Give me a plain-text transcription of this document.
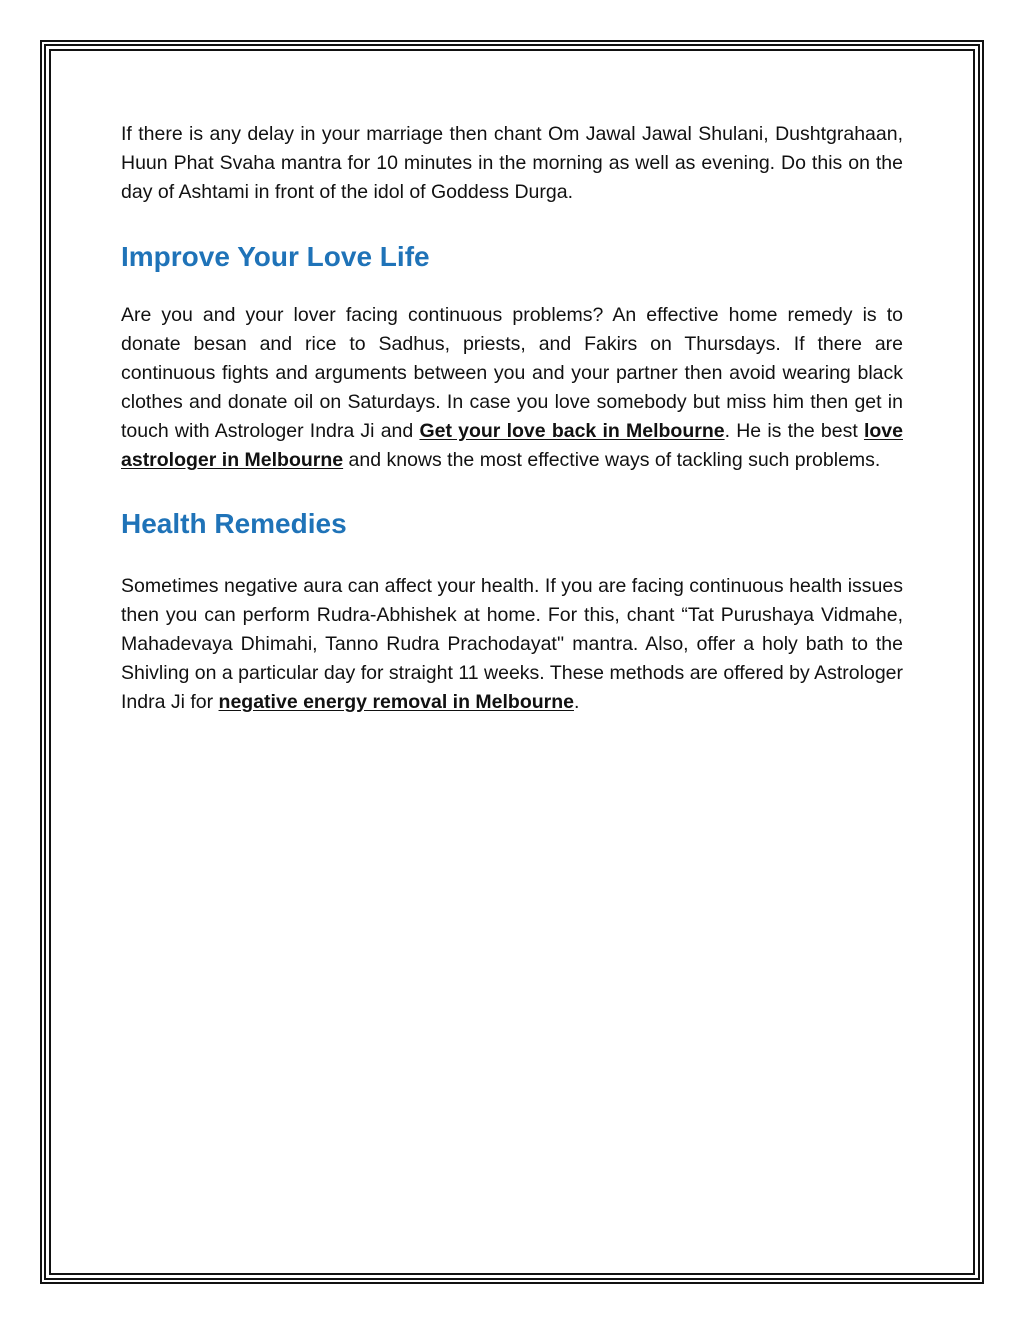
If there is any delay in your marriage then chant Om Jawal Jawal Shulani, Dushtgrahaan, Huun Phat Svaha mantra for 10 minutes in the morning as well as evening. Do this on the day of Ashtami in front of the idol of Goddess Durga.

Improve Your Love Life

Are you and your lover facing continuous problems? An effective home remedy is to donate besan and rice to Sadhus, priests, and Fakirs on Thursdays. If there are continuous fights and arguments between you and your partner then avoid wearing black clothes and donate oil on Saturdays. In case you love somebody but miss him then get in touch with Astrologer Indra Ji and Get your love back in Melbourne. He is the best love astrologer in Melbourne and knows the most effective ways of tackling such problems.

Health Remedies

Sometimes negative aura can affect your health. If you are facing continuous health issues then you can perform Rudra-Abhishek at home. For this, chant “Tat Purushaya Vidmahe, Mahadevaya Dhimahi, Tanno Rudra Prachodayat'' mantra. Also, offer a holy bath to the Shivling on a particular day for straight 11 weeks. These methods are offered by Astrologer Indra Ji for negative energy removal in Melbourne.
